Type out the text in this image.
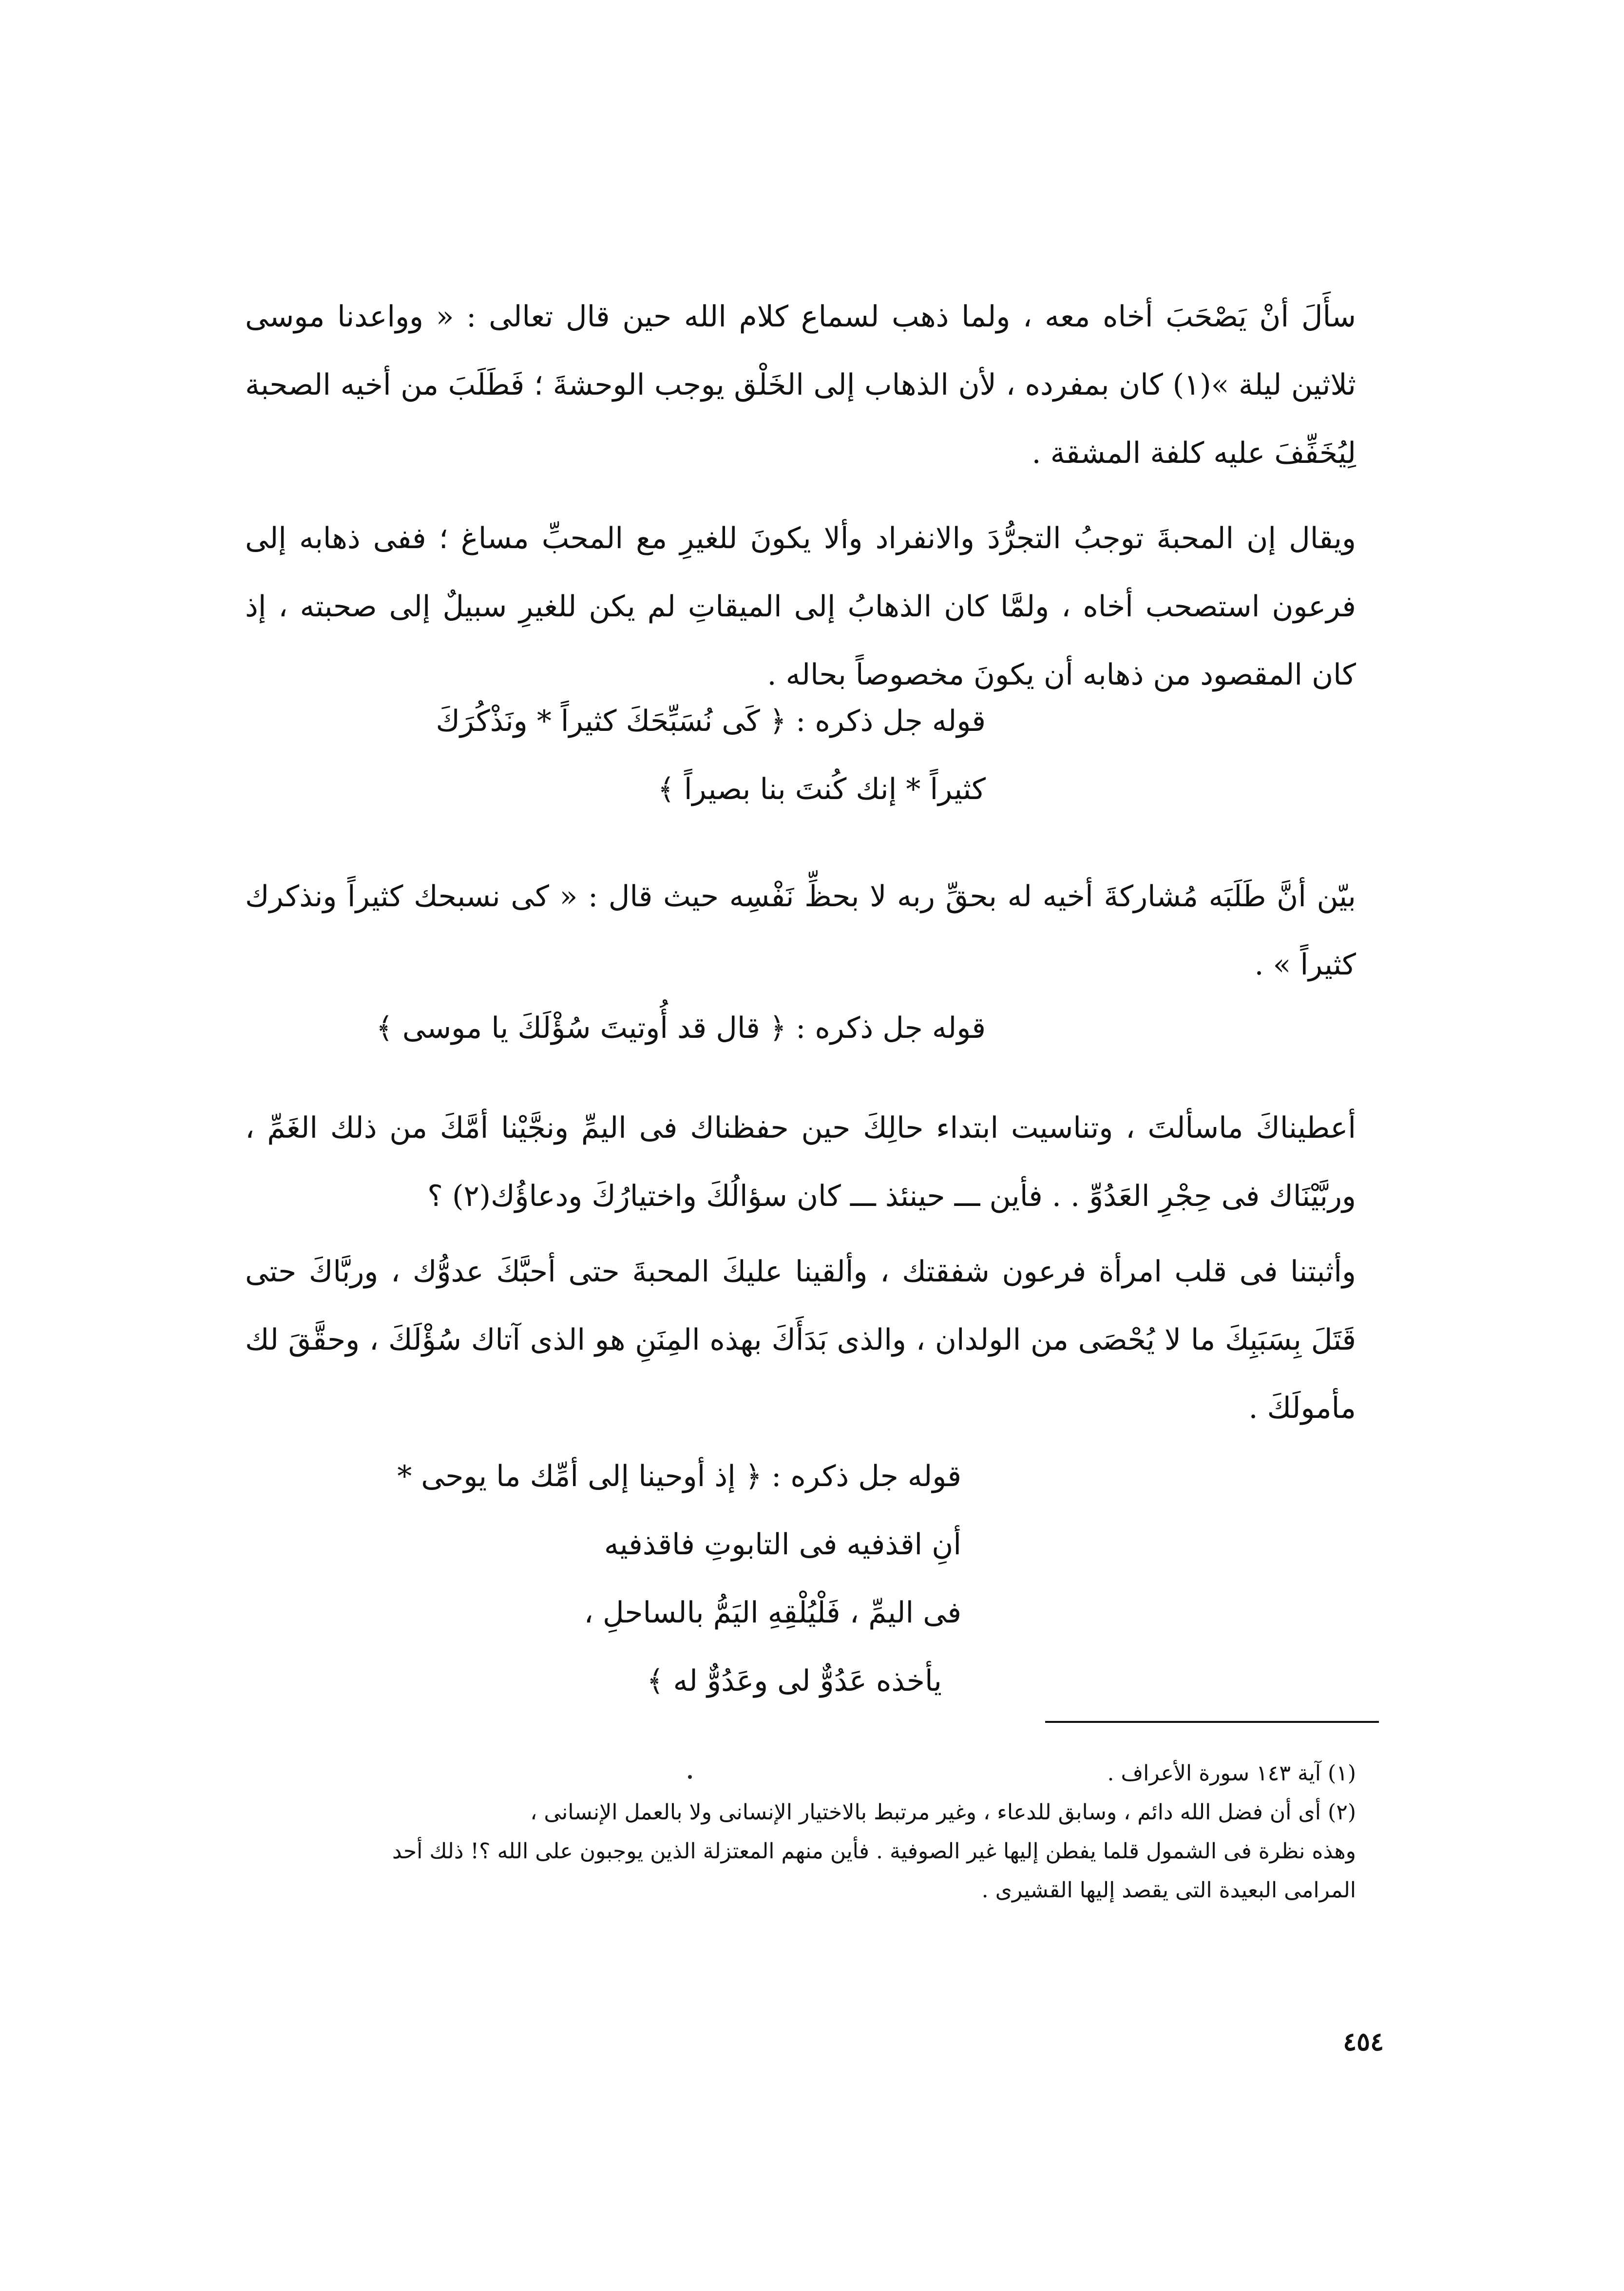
سأَلَ أنْ يَصْحَبَ أخاه معه ، ولما ذهب لسماع كلام الله حين قال تعالى : « وواعدنا موسى ثلاثين ليلة »(١) كان بمفرده ، لأن الذهاب إلى الخَلْق يوجب الوحشةَ ؛ فَطَلَبَ من أخيه الصحبة لِيُخَفِّفَ عليه كلفة المشقة .

ويقال إن المحبةَ توجبُ التجرُّدَ والانفراد وألا يكونَ للغيرِ مع المحبِّ مساغ ؛ ففى ذهابه إلى فرعون استصحب أخاه ، ولمَّا كان الذهابُ إلى الميقاتِ لم يكن للغيرِ سبيلٌ إلى صحبته ، إذ كان المقصود من ذهابه أن يكونَ مخصوصاً بحاله .

قوله جل ذكره : ﴿ كَى نُسَبِّحَكَ كثيراً * ونَذْكُرَكَ
كثيراً * إنك كُنتَ بنا بصيراً ﴾

بيّن أنَّ طَلَبَه مُشاركةَ أخيه له بحقِّ ربه لا بحظِّ نَفْسِه حيث قال : « كى نسبحك كثيراً ونذكرك كثيراً » .

قوله جل ذكره : ﴿ قال قد أُوتيتَ سُؤْلَكَ يا موسى ﴾

أعطيناكَ ماسألتَ ، وتناسيت ابتداء حالِكَ حين حفظناك فى اليمِّ ونجَّيْنا أمَّكَ من ذلك الغَمِّ ، وربَّيْنَاك فى حِجْرِ العَدُوِّ . . فأين ـــ حينئذ ـــ كان سؤالُكَ واختيارُكَ ودعاؤُك(٢) ؟

وأثبتنا فى قلب امرأة فرعون شفقتك ، وألقينا عليكَ المحبةَ حتى أحبَّكَ عدوُّك ، وربَّاكَ حتى قَتَلَ بِسَبَبِكَ ما لا يُحْصَى من الولدان ، والذى بَدَأَكَ بهذه المِنَنِ هو الذى آتاك سُؤْلَكَ ، وحقَّقَ لك مأمولَكَ .

قوله جل ذكره : ﴿ إذ أوحينا إلى أمِّك ما يوحى *
أنِ اقذفيه فى التابوتِ فاقذفيه
فى اليمِّ ، فَلْيُلْقِهِ اليَمُّ بالساحلِ ،
يأخذه عَدُوٌّ لى وعَدُوٌّ له ﴾
(١) آية ١٤٣ سورة الأعراف .
(٢) أى أن فضل الله دائم ، وسابق للدعاء ، وغير مرتبط بالاختيار الإنسانى ولا بالعمل الإنسانى ،
وهذه نظرة فى الشمول قلما يفطن إليها غير الصوفية . فأين منهم المعتزلة الذين يوجبون على الله ؟! ذلك أحد
المرامى البعيدة التى يقصد إليها القشيرى .
٤٥٤
